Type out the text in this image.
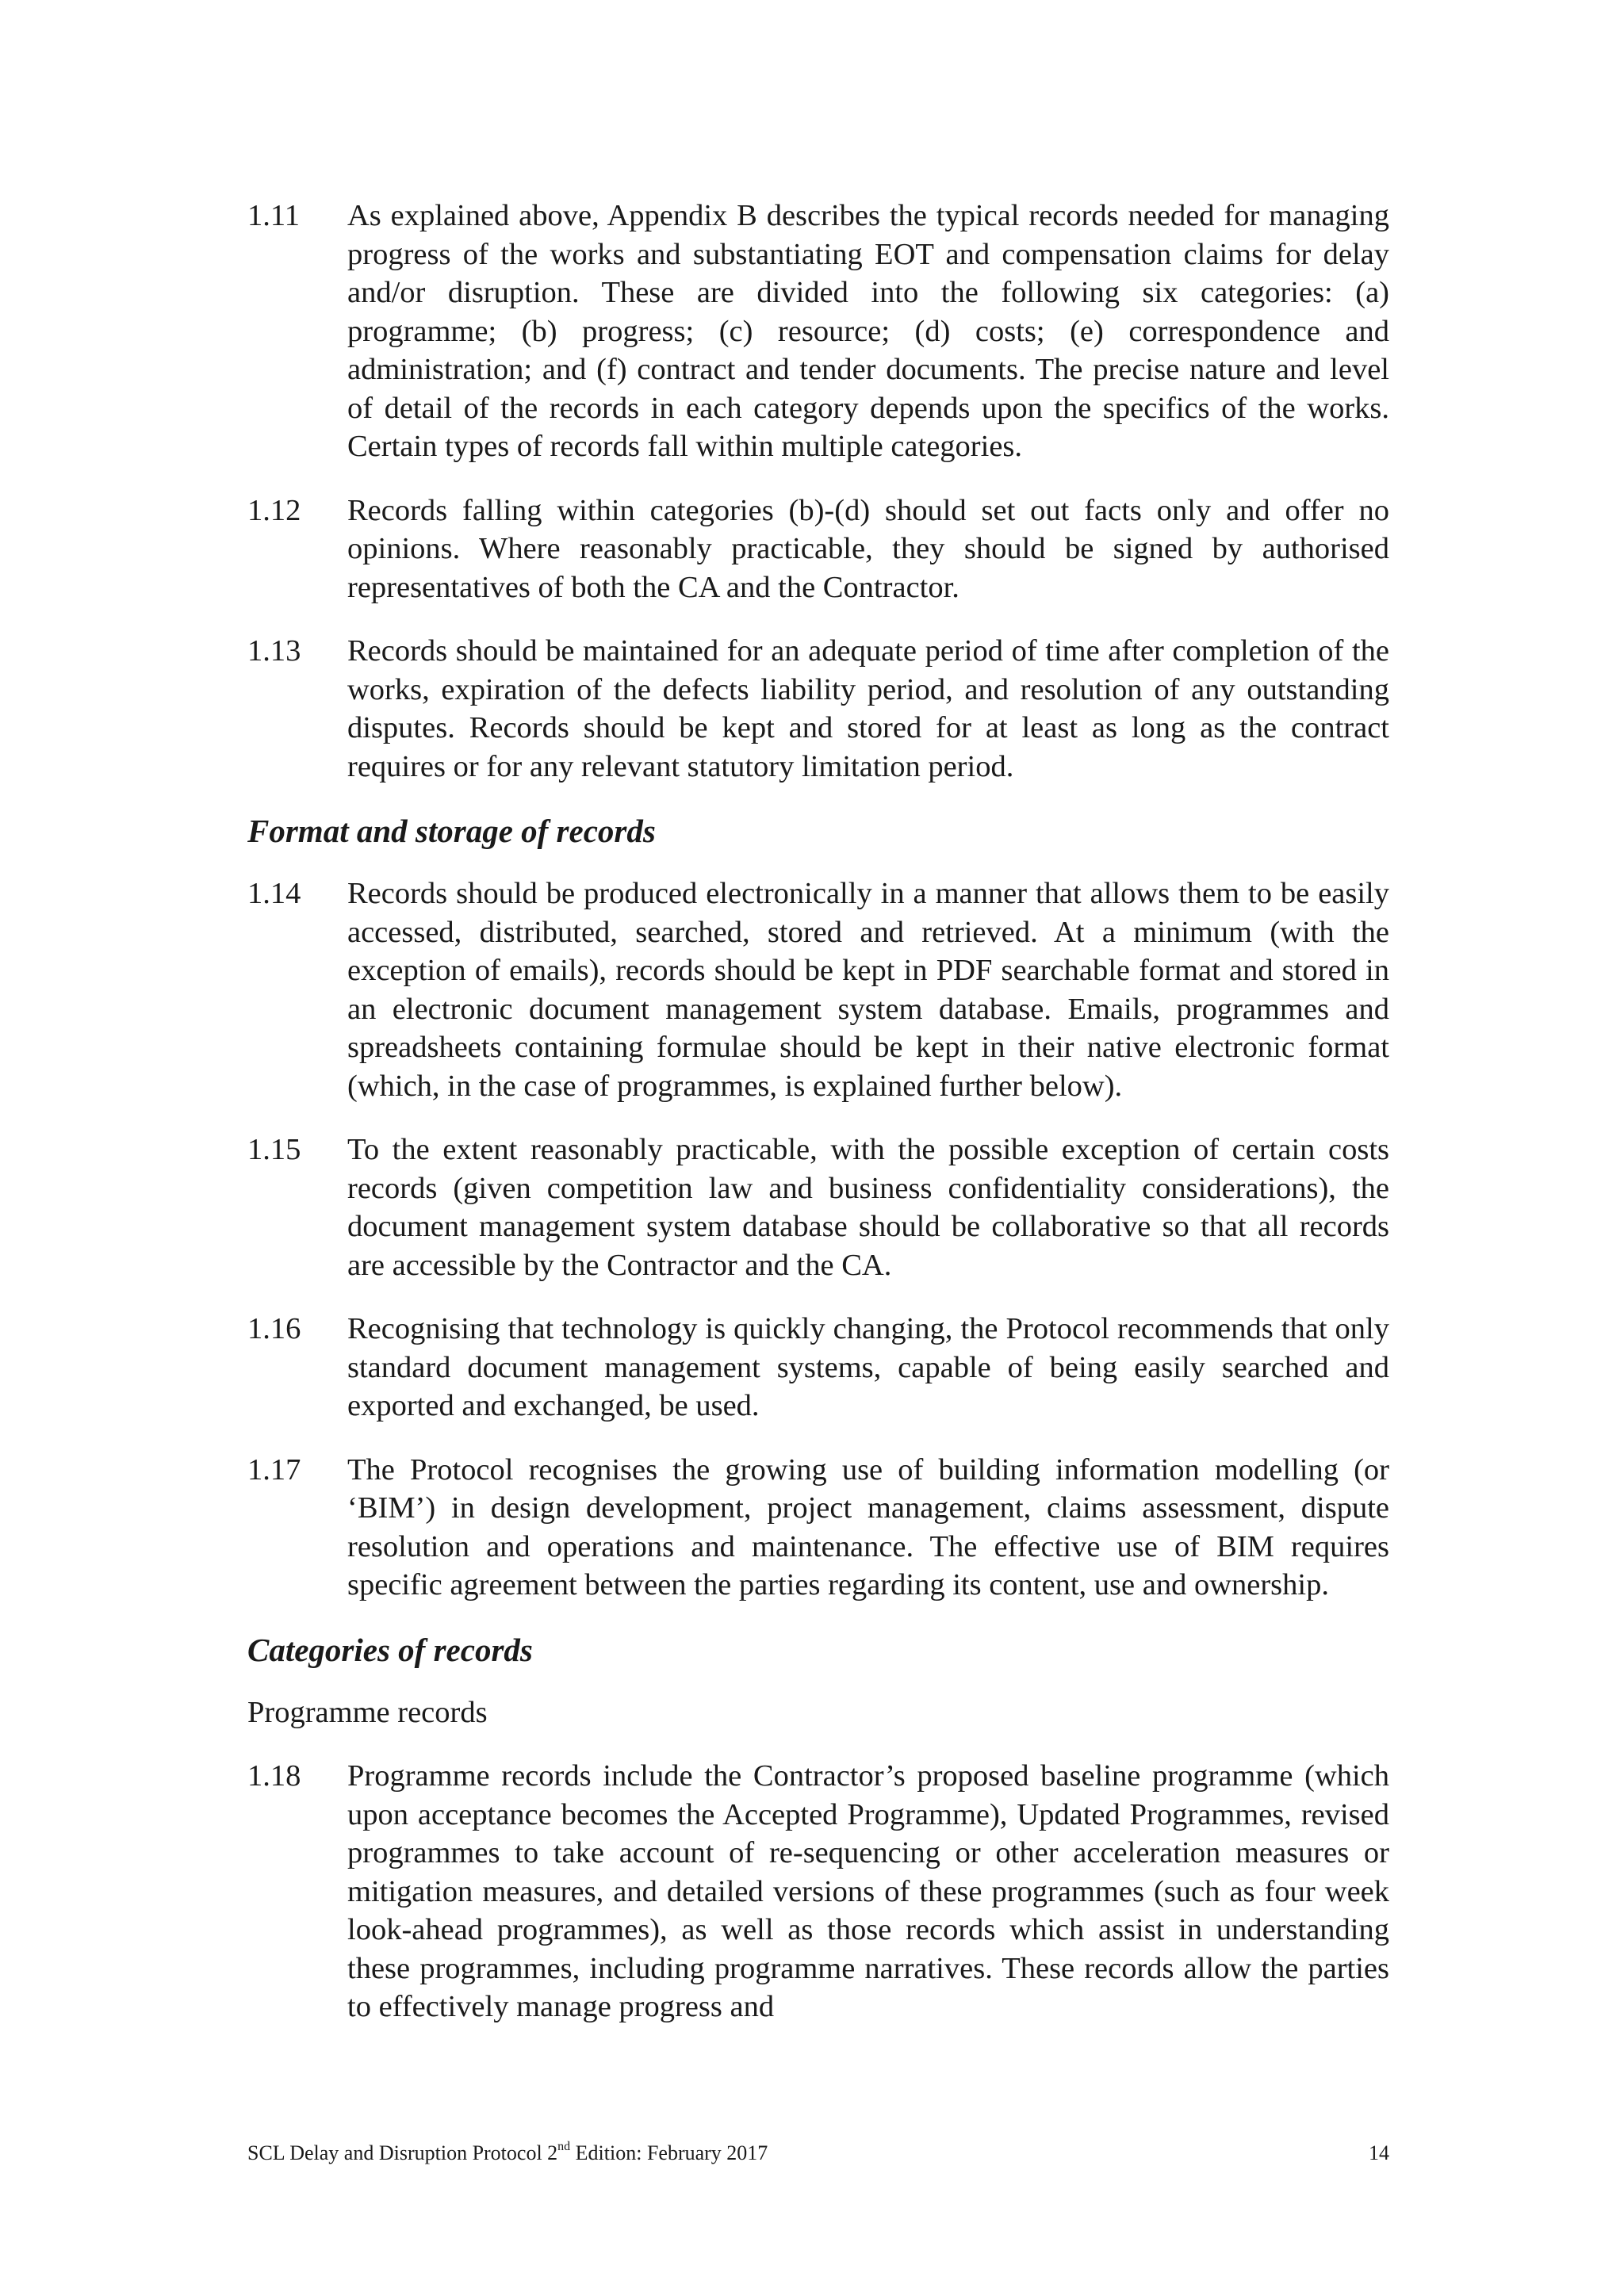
1.11 As explained above, Appendix B describes the typical records needed for managing progress of the works and substantiating EOT and compensation claims for delay and/or disruption. These are divided into the following six categories: (a) programme; (b) progress; (c) resource; (d) costs; (e) correspondence and administration; and (f) contract and tender documents. The precise nature and level of detail of the records in each category depends upon the specifics of the works. Certain types of records fall within multiple categories.
1.12 Records falling within categories (b)-(d) should set out facts only and offer no opinions. Where reasonably practicable, they should be signed by authorised representatives of both the CA and the Contractor.
1.13 Records should be maintained for an adequate period of time after completion of the works, expiration of the defects liability period, and resolution of any outstanding disputes. Records should be kept and stored for at least as long as the contract requires or for any relevant statutory limitation period.
Format and storage of records
1.14 Records should be produced electronically in a manner that allows them to be easily accessed, distributed, searched, stored and retrieved. At a minimum (with the exception of emails), records should be kept in PDF searchable format and stored in an electronic document management system database. Emails, programmes and spreadsheets containing formulae should be kept in their native electronic format (which, in the case of programmes, is explained further below).
1.15 To the extent reasonably practicable, with the possible exception of certain costs records (given competition law and business confidentiality considerations), the document management system database should be collaborative so that all records are accessible by the Contractor and the CA.
1.16 Recognising that technology is quickly changing, the Protocol recommends that only standard document management systems, capable of being easily searched and exported and exchanged, be used.
1.17 The Protocol recognises the growing use of building information modelling (or ‘BIM’) in design development, project management, claims assessment, dispute resolution and operations and maintenance. The effective use of BIM requires specific agreement between the parties regarding its content, use and ownership.
Categories of records
Programme records
1.18 Programme records include the Contractor’s proposed baseline programme (which upon acceptance becomes the Accepted Programme), Updated Programmes, revised programmes to take account of re-sequencing or other acceleration measures or mitigation measures, and detailed versions of these programmes (such as four week look-ahead programmes), as well as those records which assist in understanding these programmes, including programme narratives. These records allow the parties to effectively manage progress and
SCL Delay and Disruption Protocol 2nd Edition: February 2017	14
